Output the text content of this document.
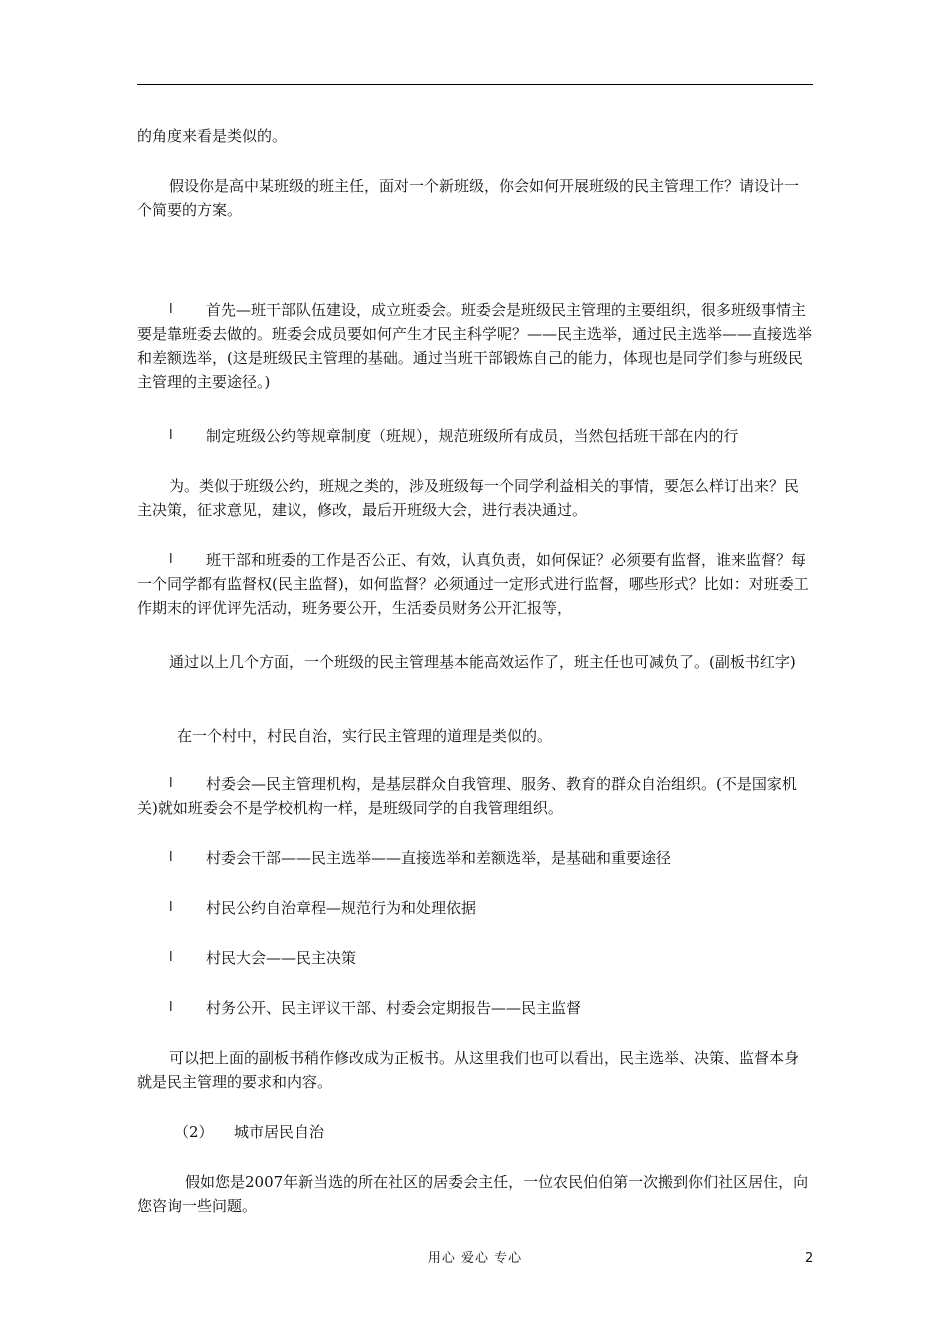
的角度来看是类似的。

假设你是高中某班级的班主任，面对一个新班级，你会如何开展班级的民主管理工作？请设计一个简要的方案。

l	首先—班干部队伍建设，成立班委会。班委会是班级民主管理的主要组织，很多班级事情主要是靠班委去做的。班委会成员要如何产生才民主科学呢？——民主选举，通过民主选举——直接选举和差额选举，(这是班级民主管理的基础。通过当班干部锻炼自己的能力，体现也是同学们参与班级民主管理的主要途径。)
l	制定班级公约等规章制度（班规），规范班级所有成员，当然包括班干部在内的行

为。类似于班级公约，班规之类的，涉及班级每一个同学利益相关的事情，要怎么样订出来？民主决策，征求意见，建议，修改，最后开班级大会，进行表决通过。

l	班干部和班委的工作是否公正、有效，认真负责，如何保证？必须要有监督，谁来监督？每一个同学都有监督权(民主监督)，如何监督？必须通过一定形式进行监督，哪些形式？比如：对班委工作期末的评优评先活动，班务要公开，生活委员财务公开汇报等，

通过以上几个方面，一个班级的民主管理基本能高效运作了，班主任也可减负了。(副板书红字)

在一个村中，村民自治，实行民主管理的道理是类似的。

l	村委会—民主管理机构，是基层群众自我管理、服务、教育的群众自治组织。(不是国家机关)就如班委会不是学校机构一样，是班级同学的自我管理组织。
l	村委会干部——民主选举——直接选举和差额选举，是基础和重要途径
l	村民公约自治章程—规范行为和处理依据
l	村民大会——民主决策
l	村务公开、民主评议干部、村委会定期报告——民主监督

可以把上面的副板书稍作修改成为正板书。从这里我们也可以看出，民主选举、决策、监督本身就是民主管理的要求和内容。

（2） 城市居民自治

假如您是2007年新当选的所在社区的居委会主任，一位农民伯伯第一次搬到你们社区居住，向您咨询一些问题。

用心 爱心 专心	2
